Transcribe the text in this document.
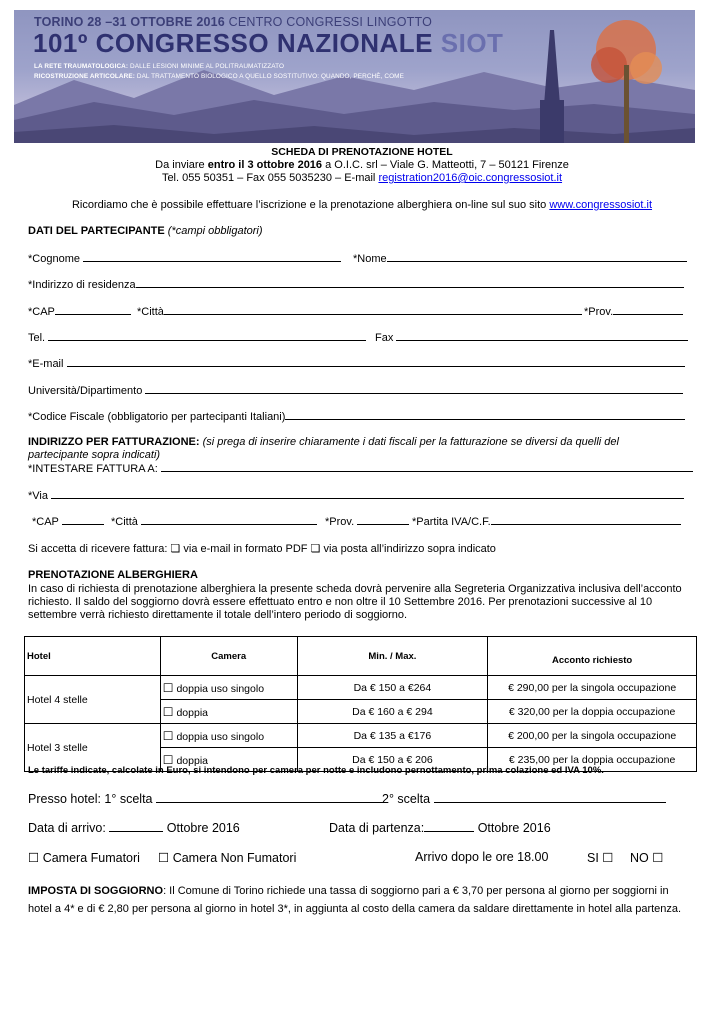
TORINO 28 –31 OTTOBRE 2016 CENTRO CONGRESSI LINGOTTO
101º CONGRESSO NAZIONALE SIOT
LA RETE TRAUMATOLOGICA: DALLE LESIONI MINIME AL POLITRAUMATIZZATO
RICOSTRUZIONE ARTICOLARE: DAL TRATTAMENTO BIOLOGICO A QUELLO SOSTITUTIVO: QUANDO, PERCHÈ, COME
SCHEDA DI PRENOTAZIONE HOTEL
Da inviare entro il 3 ottobre 2016 a O.I.C. srl – Viale G. Matteotti, 7 – 50121 Firenze
Tel. 055 50351 – Fax 055 5035230 – E-mail registration2016@oic.congressosiot.it
Ricordiamo che è possibile effettuare l’iscrizione e la prenotazione alberghiera on-line sul suo sito www.congressosiot.it
DATI DEL PARTECIPANTE (*campi obbligatori)
*Cognome	*Nome
*Indirizzo di residenza
*CAP	*Città	*Prov.
Tel.	Fax
*E-mail
Università/Dipartimento
*Codice Fiscale (obbligatorio per partecipanti Italiani)
INDIRIZZO PER FATTURAZIONE: (si prega di inserire chiaramente i dati fiscali per la fatturazione se diversi da quelli del
partecipante sopra indicati)
*INTESTARE FATTURA A:
*Via
*CAP	*Città	*Prov.	*Partita IVA/C.F.
Si accetta di ricevere fattura: ❏ via e-mail in formato PDF ❏ via posta all’indirizzo sopra indicato
PRENOTAZIONE ALBERGHIERA
In caso di richiesta di prenotazione alberghiera la presente scheda dovrà pervenire alla Segreteria Organizzativa inclusiva dell’acconto
richiesto. Il saldo del soggiorno dovrà essere effettuato entro e non oltre il 10 Settembre 2016. Per prenotazioni successive al 10
settembre verrà richiesto direttamente il totale dell’intero periodo di soggiorno.
Hotel	Camera	Min. / Max.	Acconto richiesto
Hotel 4 stelle	☐ doppia uso singolo	Da € 150 a €264	€ 290,00 per la singola occupazione
	☐ doppia	Da € 160 a € 294	€ 320,00 per la doppia occupazione
Hotel 3 stelle	☐ doppia uso singolo	Da € 135 a €176	€ 200,00 per la singola occupazione
	☐ doppia	Da € 150 a € 206	€ 235,00 per la doppia occupazione
Le tariffe indicate, calcolate in Euro, si intendono per camera per notte e includono pernottamento, prima colazione ed IVA 10%.
Presso hotel: 1° scelta	2° scelta
Data di arrivo:	Ottobre 2016	Data di partenza:	Ottobre 2016
☐ Camera Fumatori ☐ Camera Non Fumatori	Arrivo dopo le ore 18.00	SI ☐ NO ☐
IMPOSTA DI SOGGIORNO: Il Comune di Torino richiede una tassa di soggiorno pari a € 3,70 per persona al giorno per soggiorni in
hotel a 4* e di € 2,80 per persona al giorno in hotel 3*, in aggiunta al costo della camera da saldare direttamente in hotel alla partenza.
